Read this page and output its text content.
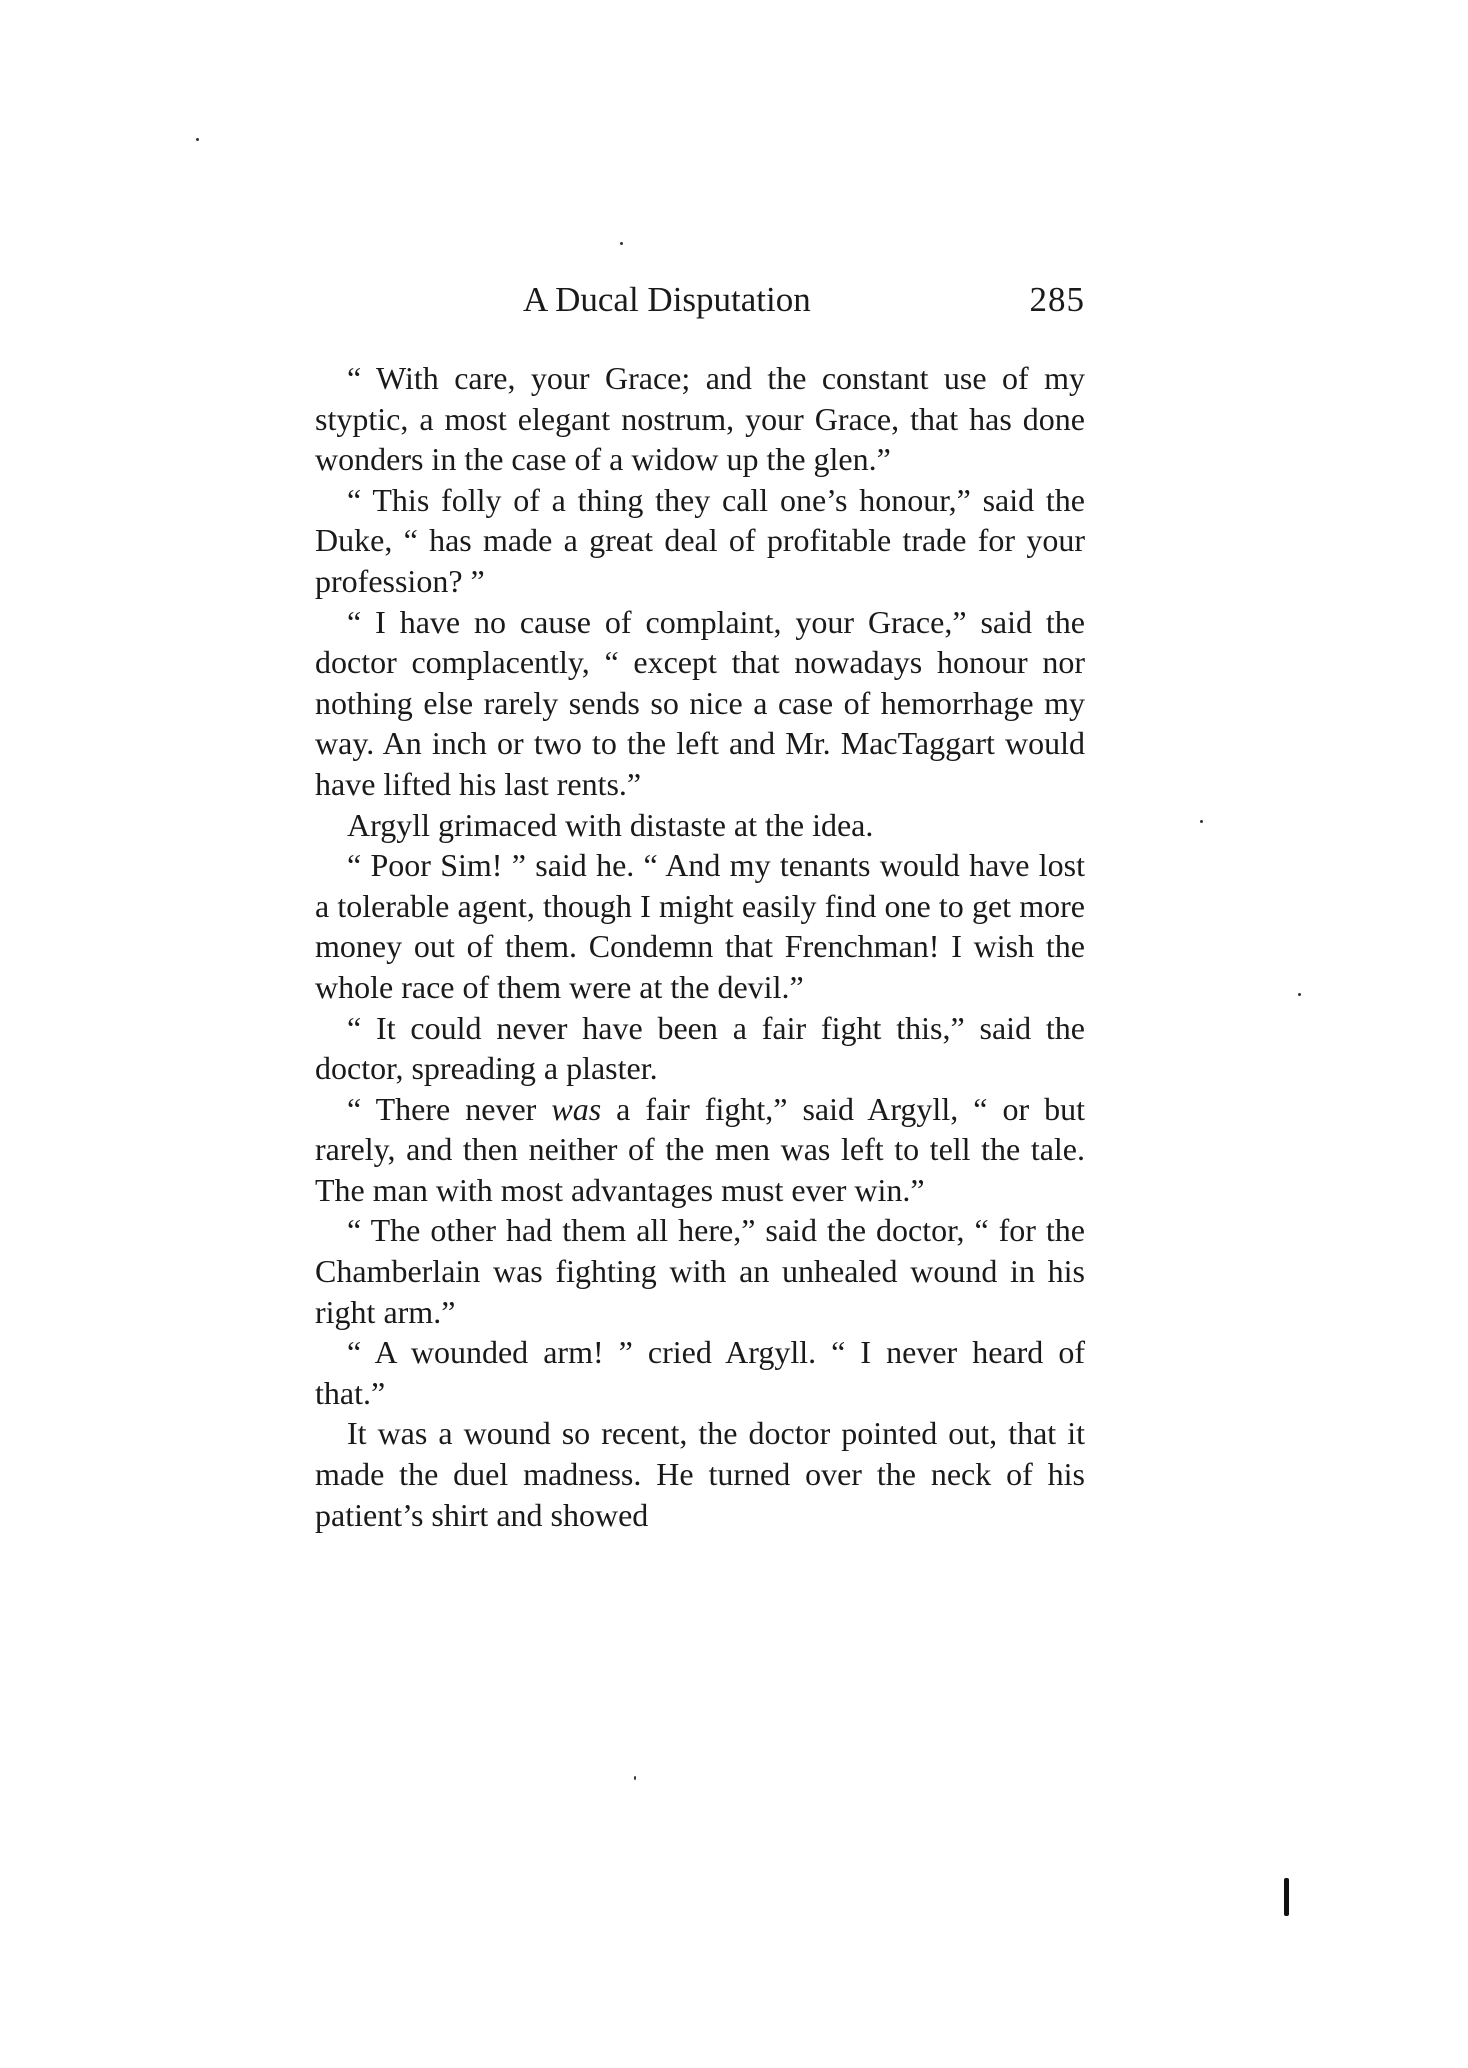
A Ducal Disputation	285

“ With care, your Grace; and the constant use of my styptic, a most elegant nostrum, your Grace, that has done wonders in the case of a widow up the glen.”

“ This folly of a thing they call one’s honour,” said the Duke, “ has made a great deal of profitable trade for your profession? ”

“ I have no cause of complaint, your Grace,” said the doctor complacently, “ except that nowadays honour nor nothing else rarely sends so nice a case of hemorrhage my way. An inch or two to the left and Mr. MacTaggart would have lifted his last rents.”

Argyll grimaced with distaste at the idea.

“ Poor Sim! ” said he. “ And my tenants would have lost a tolerable agent, though I might easily find one to get more money out of them. Condemn that Frenchman! I wish the whole race of them were at the devil.”

“ It could never have been a fair fight this,” said the doctor, spreading a plaster.

“ There never was a fair fight,” said Argyll, “ or but rarely, and then neither of the men was left to tell the tale. The man with most advantages must ever win.”

“ The other had them all here,” said the doctor, “ for the Chamberlain was fighting with an unhealed wound in his right arm.”

“ A wounded arm! ” cried Argyll. “ I never heard of that.”

It was a wound so recent, the doctor pointed out, that it made the duel madness. He turned over the neck of his patient’s shirt and showed
